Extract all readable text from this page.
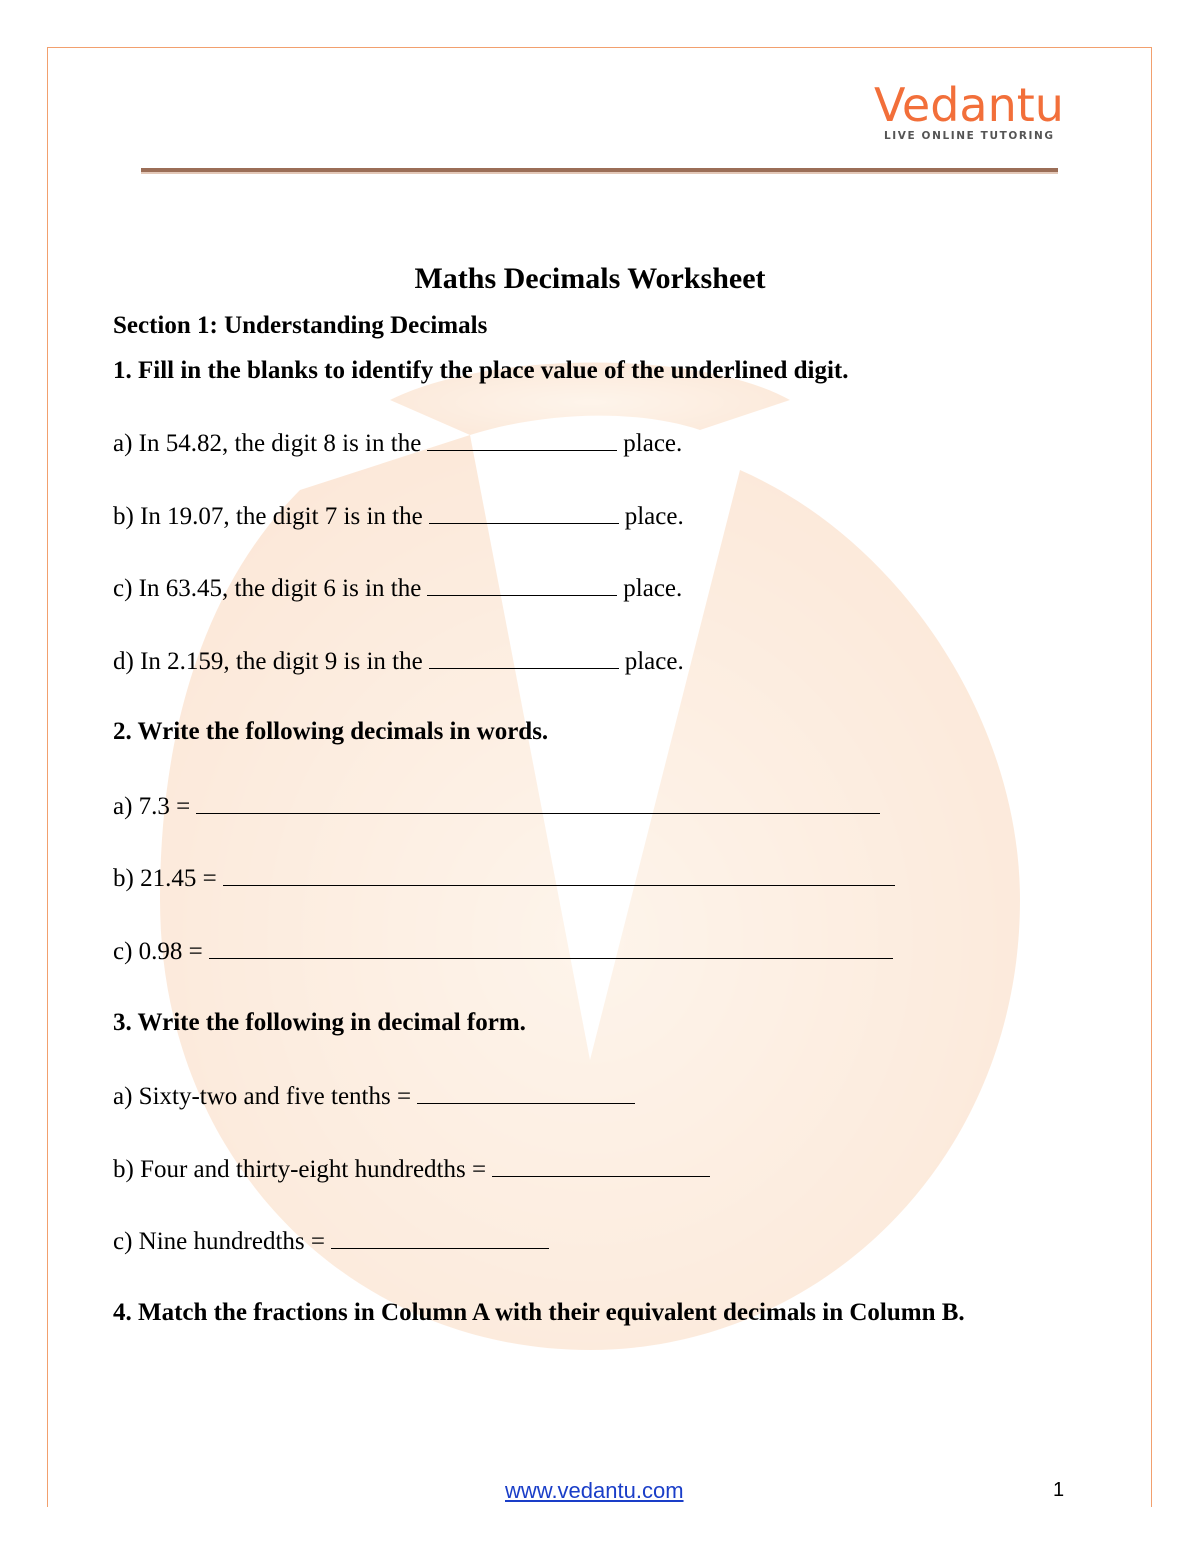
Vedantu
LIVE ONLINE TUTORING
Maths Decimals Worksheet
Section 1: Understanding Decimals
1. Fill in the blanks to identify the place value of the underlined digit.
a) In 54.82, the digit 8 is in the	place.
b) In 19.07, the digit 7 is in the	place.
c) In 63.45, the digit 6 is in the	place.
d) In 2.159, the digit 9 is in the	place.
2. Write the following decimals in words.
a) 7.3 =
b) 21.45 =
c) 0.98 =
3. Write the following in decimal form.
a) Sixty-two and five tenths =
b) Four and thirty-eight hundredths =
c) Nine hundredths =
4. Match the fractions in Column A with their equivalent decimals in Column B.
www.vedantu.com	1
